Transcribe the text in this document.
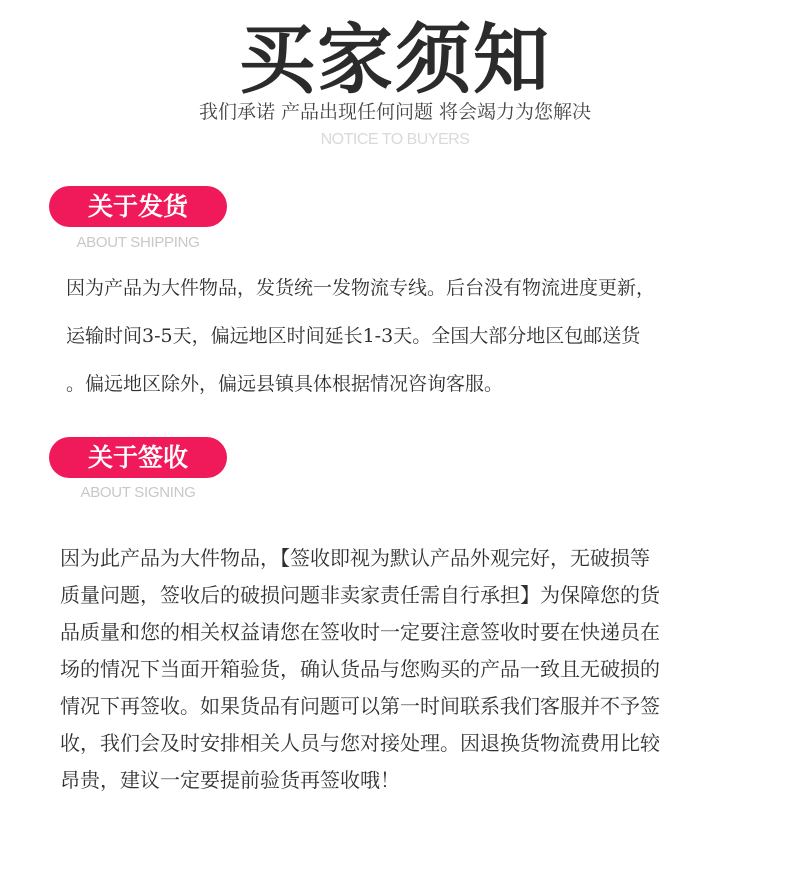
买家须知
我们承诺 产品出现任何问题 将会竭力为您解决
NOTICE TO BUYERS
关于发货
ABOUT SHIPPING
因为产品为大件物品，发货统一发物流专线。后台没有物流进度更新，
运输时间3-5天，偏远地区时间延长1-3天。全国大部分地区包邮送货
。偏远地区除外，偏远县镇具体根据情况咨询客服。
关于签收
ABOUT SIGNING
因为此产品为大件物品，【签收即视为默认产品外观完好，无破损等
质量问题，签收后的破损问题非卖家责任需自行承担】为保障您的货
品质量和您的相关权益请您在签收时一定要注意签收时要在快递员在
场的情况下当面开箱验货，确认货品与您购买的产品一致且无破损的
情况下再签收。如果货品有问题可以第一时间联系我们客服并不予签
收，我们会及时安排相关人员与您对接处理。因退换货物流费用比较
昂贵，建议一定要提前验货再签收哦！
